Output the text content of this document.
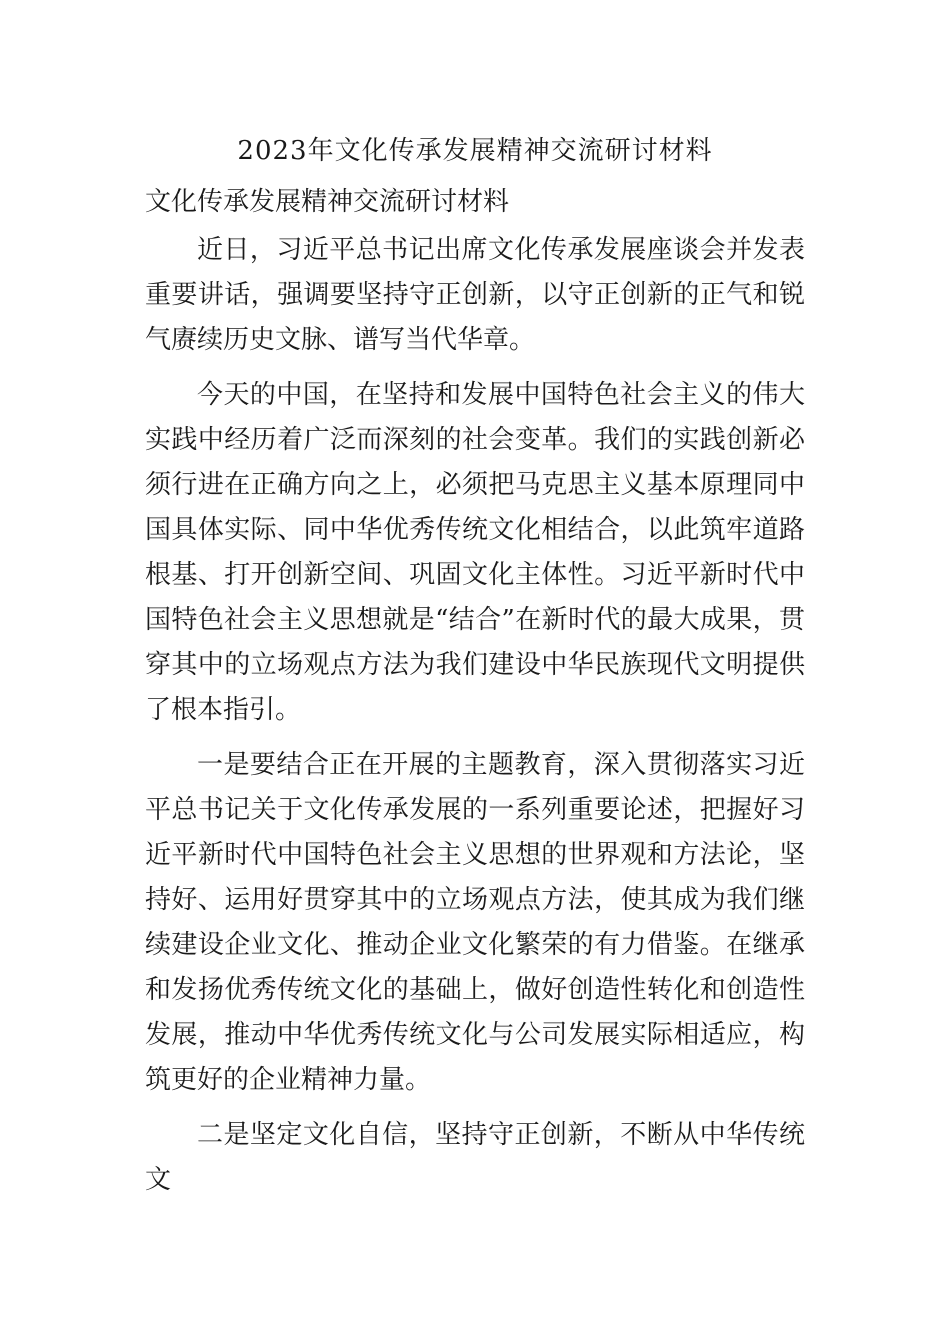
2023年文化传承发展精神交流研讨材料
文化传承发展精神交流研讨材料

近日，习近平总书记出席文化传承发展座谈会并发表重要讲话，强调要坚持守正创新，以守正创新的正气和锐气赓续历史文脉、谱写当代华章。

今天的中国，在坚持和发展中国特色社会主义的伟大实践中经历着广泛而深刻的社会变革。我们的实践创新必须行进在正确方向之上，必须把马克思主义基本原理同中国具体实际、同中华优秀传统文化相结合，以此筑牢道路根基、打开创新空间、巩固文化主体性。习近平新时代中国特色社会主义思想就是“结合”在新时代的最大成果，贯穿其中的立场观点方法为我们建设中华民族现代文明提供了根本指引。

一是要结合正在开展的主题教育，深入贯彻落实习近平总书记关于文化传承发展的一系列重要论述，把握好习近平新时代中国特色社会主义思想的世界观和方法论，坚持好、运用好贯穿其中的立场观点方法，使其成为我们继续建设企业文化、推动企业文化繁荣的有力借鉴。在继承和发扬优秀传统文化的基础上，做好创造性转化和创造性发展，推动中华优秀传统文化与公司发展实际相适应，构筑更好的企业精神力量。

二是坚定文化自信，坚持守正创新，不断从中华传统文
